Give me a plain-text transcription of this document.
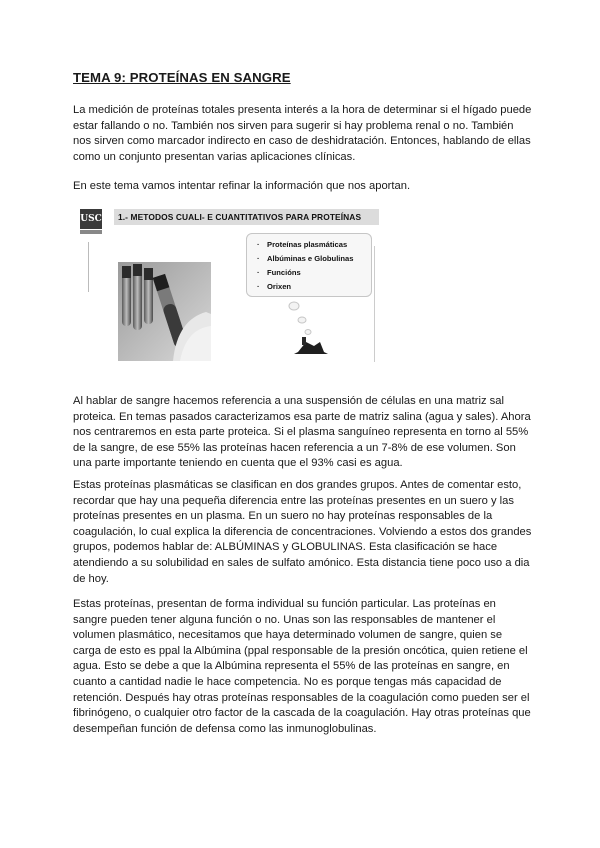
TEMA 9: PROTEÍNAS EN SANGRE

La medición de proteínas totales presenta interés a la hora de determinar si el hígado puede
estar fallando o no. También nos sirven para sugerir si hay problema renal o no. También
nos sirven como marcador indirecto en caso de deshidratación. Entonces, hablando de ellas
como un conjunto presentan varias aplicaciones clínicas.

En este tema vamos intentar refinar la información que nos aportan.

USC 1.- METODOS CUALI- E CUANTITATIVOS PARA PROTEÍNAS
· Proteínas plasmáticas
· Albúminas e Globulinas
· Funcións
· Orixen

Al hablar de sangre hacemos referencia a una suspensión de células en una matriz sal
proteica. En temas pasados caracterizamos esa parte de matriz salina (agua y sales). Ahora
nos centraremos en esta parte proteica. Si el plasma sanguíneo representa en torno al 55%
de la sangre, de ese 55% las proteínas hacen referencia a un 7-8% de ese volumen. Son
una parte importante teniendo en cuenta que el 93% casi es agua.

Estas proteínas plasmáticas se clasifican en dos grandes grupos. Antes de comentar esto,
recordar que hay una pequeña diferencia entre las proteínas presentes en un suero y las
proteínas presentes en un plasma. En un suero no hay proteínas responsables de la
coagulación, lo cual explica la diferencia de concentraciones. Volviendo a estos dos grandes
grupos, podemos hablar de: ALBÚMINAS y GLOBULINAS. Esta clasificación se hace
atendiendo a su solubilidad en sales de sulfato amónico. Esta distancia tiene poco uso a dia
de hoy.

Estas proteínas, presentan de forma individual su función particular. Las proteínas en
sangre pueden tener alguna función o no. Unas son las responsables de mantener el
volumen plasmático, necesitamos que haya determinado volumen de sangre, quien se
carga de esto es ppal la Albúmina (ppal responsable de la presión oncótica, quien retiene el
agua. Esto se debe a que la Albúmina representa el 55% de las proteínas en sangre, en
cuanto a cantidad nadie le hace competencia. No es porque tengas más capacidad de
retención. Después hay otras proteínas responsables de la coagulación como pueden ser el
fibrinógeno, o cualquier otro factor de la cascada de la coagulación. Hay otras proteínas que
desempeñan función de defensa como las inmunoglobulinas.
